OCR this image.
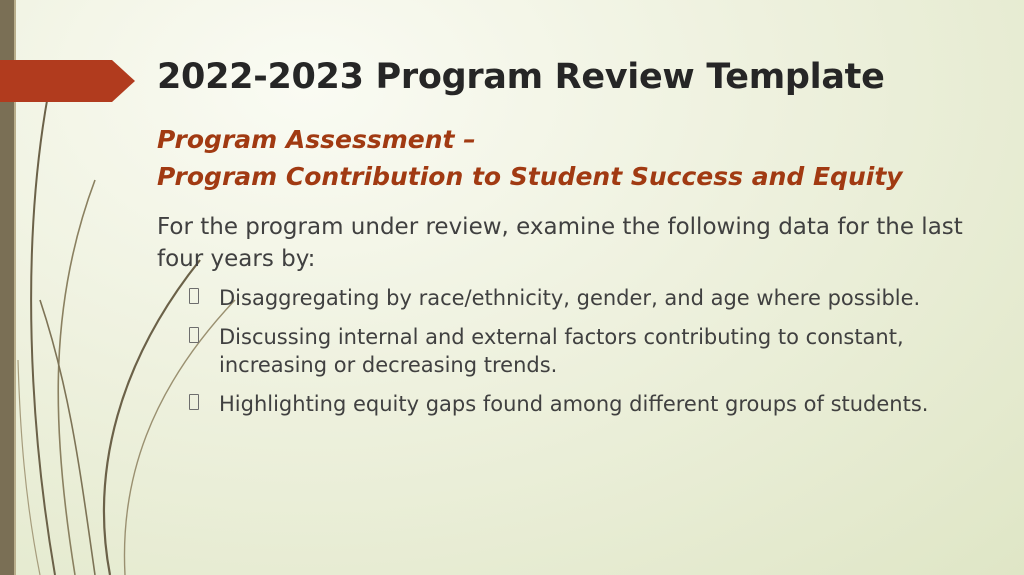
2022-2023 Program Review Template
Program Assessment –
Program Contribution to Student Success and Equity

For the program under review, examine the following data for the last four years by:

Disaggregating by race/ethnicity, gender, and age where possible.
Discussing internal and external factors contributing to constant, increasing or decreasing trends.
Highlighting equity gaps found among different groups of students.
